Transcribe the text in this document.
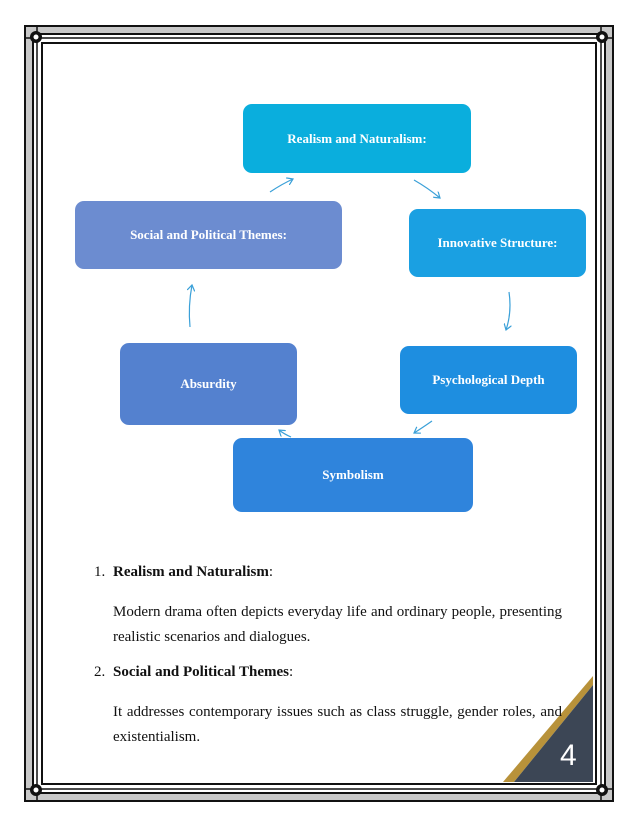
Realism and Naturalism:
Innovative Structure:
Psychological Depth
Symbolism
Absurdity
Social and Political Themes:

1. Realism and Naturalism :

Modern drama often depicts everyday life and ordinary people, presenting realistic scenarios and dialogues.

2. Social and Political Themes :

It addresses contemporary issues such as class struggle, gender roles, and existentialism.

4
